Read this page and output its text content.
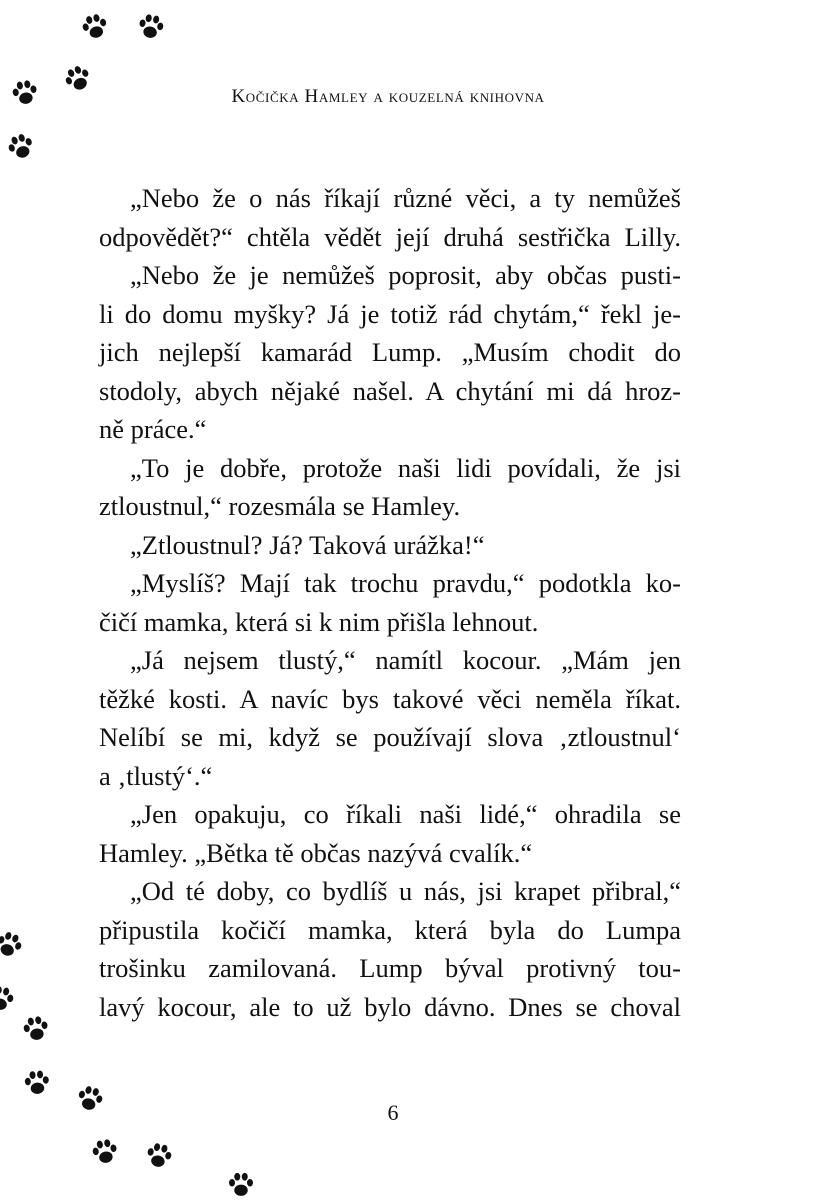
Kočička Hamley a kouzelná knihovna
„Nebo že o nás říkají různé věci, a ty nemůžeš
odpovědět?“ chtěla vědět její druhá sestřička Lilly.
„Nebo že je nemůžeš poprosit, aby občas pusti-
li do domu myšky? Já je totiž rád chytám,“ řekl je-
jich nejlepší kamarád Lump. „Musím chodit do
stodoly, abych nějaké našel. A chytání mi dá hroz-
ně práce.“
„To je dobře, protože naši lidi povídali, že jsi
ztloustnul,“ rozesmála se Hamley.
„Ztloustnul? Já? Taková urážka!“
„Myslíš? Mají tak trochu pravdu,“ podotkla ko-
čičí mamka, která si k nim přišla lehnout.
„Já nejsem tlustý,“ namítl kocour. „Mám jen
těžké kosti. A navíc bys takové věci neměla říkat.
Nelíbí se mi, když se používají slova ‚ztloustnul‘
a ‚tlustý‘.“
„Jen opakuju, co říkali naši lidé,“ ohradila se
Hamley. „Bětka tě občas nazývá cvalík.“
„Od té doby, co bydlíš u nás, jsi krapet přibral,“
připustila kočičí mamka, která byla do Lumpa
trošinku zamilovaná. Lump býval protivný tou-
lavý kocour, ale to už bylo dávno. Dnes se choval
6
